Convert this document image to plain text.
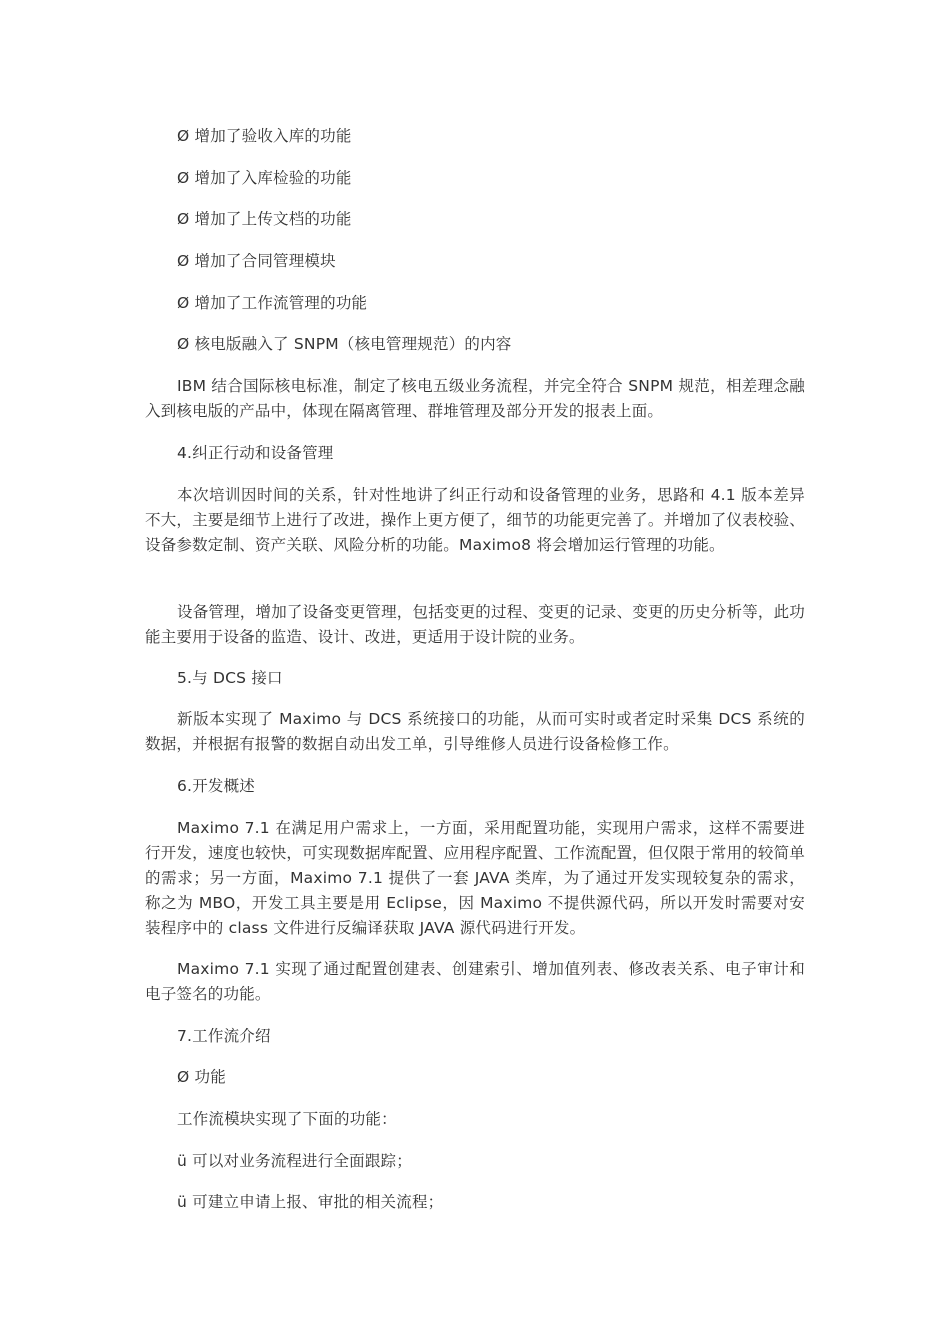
Ø 增加了验收入库的功能

Ø 增加了入库检验的功能

Ø 增加了上传文档的功能

Ø 增加了合同管理模块

Ø 增加了工作流管理的功能

Ø 核电版融入了 SNPM（核电管理规范）的内容

IBM 结合国际核电标准，制定了核电五级业务流程，并完全符合 SNPM 规范，相差理念融入到核电版的产品中，体现在隔离管理、群堆管理及部分开发的报表上面。

4.纠正行动和设备管理

本次培训因时间的关系，针对性地讲了纠正行动和设备管理的业务，思路和 4.1 版本差异不大，主要是细节上进行了改进，操作上更方便了，细节的功能更完善了。并增加了仪表校验、设备参数定制、资产关联、风险分析的功能。Maximo8 将会增加运行管理的功能。

设备管理，增加了设备变更管理，包括变更的过程、变更的记录、变更的历史分析等，此功能主要用于设备的监造、设计、改进，更适用于设计院的业务。

5.与 DCS 接口

新版本实现了 Maximo 与 DCS 系统接口的功能，从而可实时或者定时采集 DCS 系统的数据，并根据有报警的数据自动出发工单，引导维修人员进行设备检修工作。

6.开发概述

Maximo 7.1 在满足用户需求上，一方面，采用配置功能，实现用户需求，这样不需要进行开发，速度也较快，可实现数据库配置、应用程序配置、工作流配置，但仅限于常用的较简单的需求；另一方面，Maximo 7.1 提供了一套 JAVA 类库，为了通过开发实现较复杂的需求，称之为 MBO，开发工具主要是用 Eclipse，因 Maximo 不提供源代码，所以开发时需要对安装程序中的 class 文件进行反编译获取 JAVA 源代码进行开发。

Maximo 7.1 实现了通过配置创建表、创建索引、增加值列表、修改表关系、电子审计和电子签名的功能。

7.工作流介绍

Ø 功能

工作流模块实现了下面的功能：

ü 可以对业务流程进行全面跟踪；

ü 可建立申请上报、审批的相关流程；
